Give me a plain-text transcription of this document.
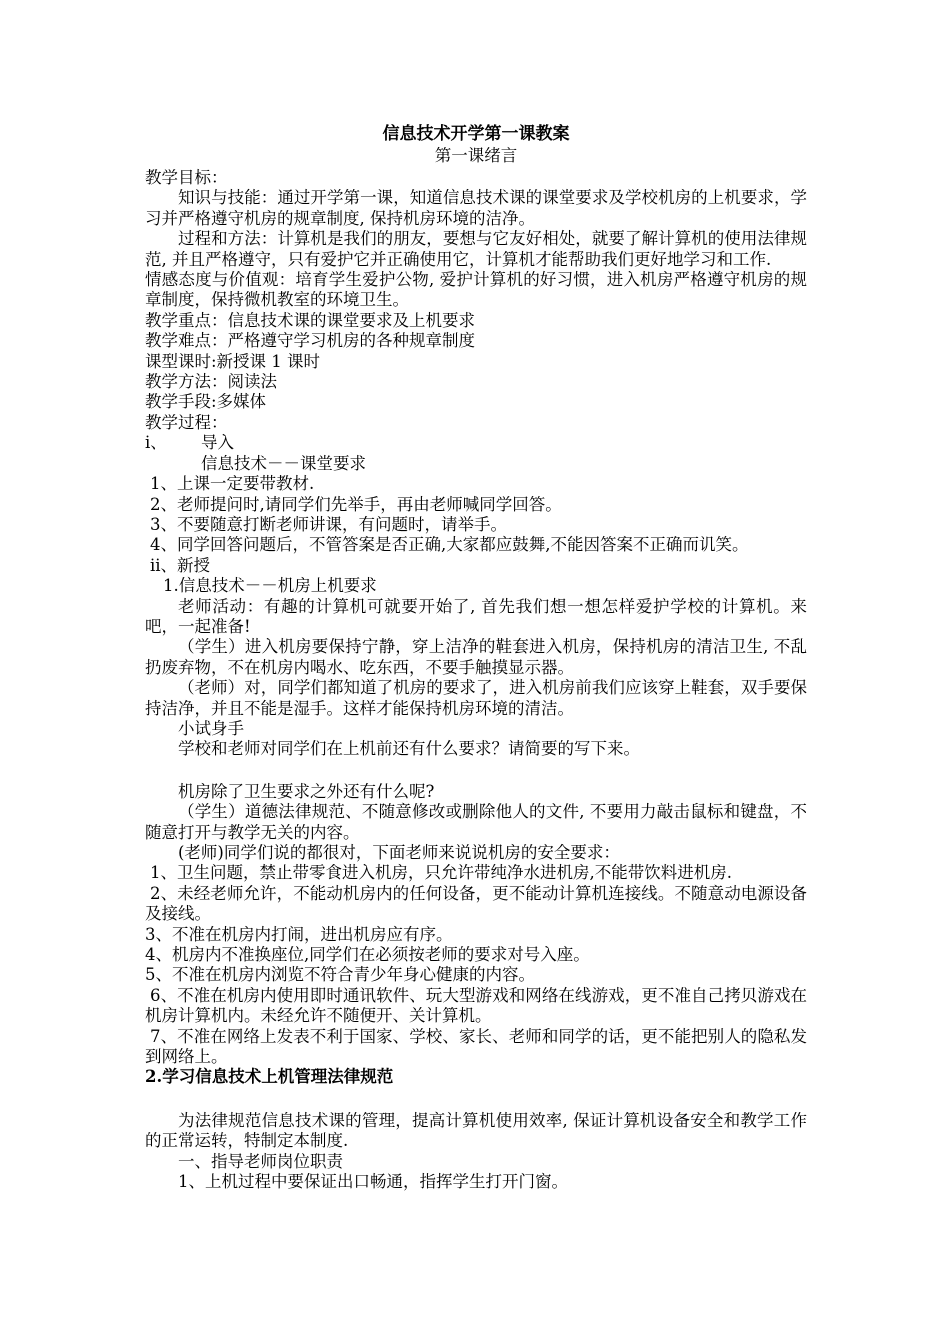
信息技术开学第一课教案
第一课绪言

教学目标：

知识与技能：通过开学第一课，知道信息技术课的课堂要求及学校机房的上机要求，学习并严格遵守机房的规章制度, 保持机房环境的洁净。

过程和方法：计算机是我们的朋友，要想与它友好相处，就要了解计算机的使用法律规范, 并且严格遵守，只有爱护它并正确使用它，计算机才能帮助我们更好地学习和工作.

情感态度与价值观：培育学生爱护公物, 爱护计算机的好习惯，进入机房严格遵守机房的规章制度，保持微机教室的环境卫生。

教学重点：信息技术课的课堂要求及上机要求

教学难点：严格遵守学习机房的各种规章制度

课型课时:新授课 1 课时

教学方法：阅读法

教学手段:多媒体

教学过程：

i、 导入

信息技术－－课堂要求

1、上课一定要带教材.

2、老师提问时,请同学们先举手，再由老师喊同学回答。

3、不要随意打断老师讲课，有问题时，请举手。

4、同学回答问题后，不管答案是否正确,大家都应鼓舞,不能因答案不正确而讥笑。

ii、新授

1.信息技术－－机房上机要求

老师活动：有趣的计算机可就要开始了, 首先我们想一想怎样爱护学校的计算机。来吧，一起准备!

（学生）进入机房要保持宁静，穿上洁净的鞋套进入机房，保持机房的清洁卫生, 不乱扔废弃物，不在机房内喝水、吃东西，不要手触摸显示器。

（老师）对，同学们都知道了机房的要求了，进入机房前我们应该穿上鞋套，双手要保持洁净，并且不能是湿手。这样才能保持机房环境的清洁。

小试身手

学校和老师对同学们在上机前还有什么要求？请简要的写下来。

机房除了卫生要求之外还有什么呢?

（学生）道德法律规范、不随意修改或删除他人的文件, 不要用力敲击鼠标和键盘，不随意打开与教学无关的内容。

(老师)同学们说的都很对，下面老师来说说机房的安全要求：

1、卫生问题，禁止带零食进入机房，只允许带纯净水进机房,不能带饮料进机房.

2、未经老师允许，不能动机房内的任何设备，更不能动计算机连接线。不随意动电源设备及接线。

3、不准在机房内打闹，进出机房应有序。

4、机房内不准换座位,同学们在必须按老师的要求对号入座。

5、不准在机房内浏览不符合青少年身心健康的内容。

6、不准在机房内使用即时通讯软件、玩大型游戏和网络在线游戏，更不准自己拷贝游戏在机房计算机内。未经允许不随便开、关计算机。

7、不准在网络上发表不利于国家、学校、家长、老师和同学的话，更不能把别人的隐私发到网络上。

2.学习信息技术上机管理法律规范

为法律规范信息技术课的管理，提高计算机使用效率, 保证计算机设备安全和教学工作的正常运转，特制定本制度.

一、指导老师岗位职责

1、上机过程中要保证出口畅通，指挥学生打开门窗。
